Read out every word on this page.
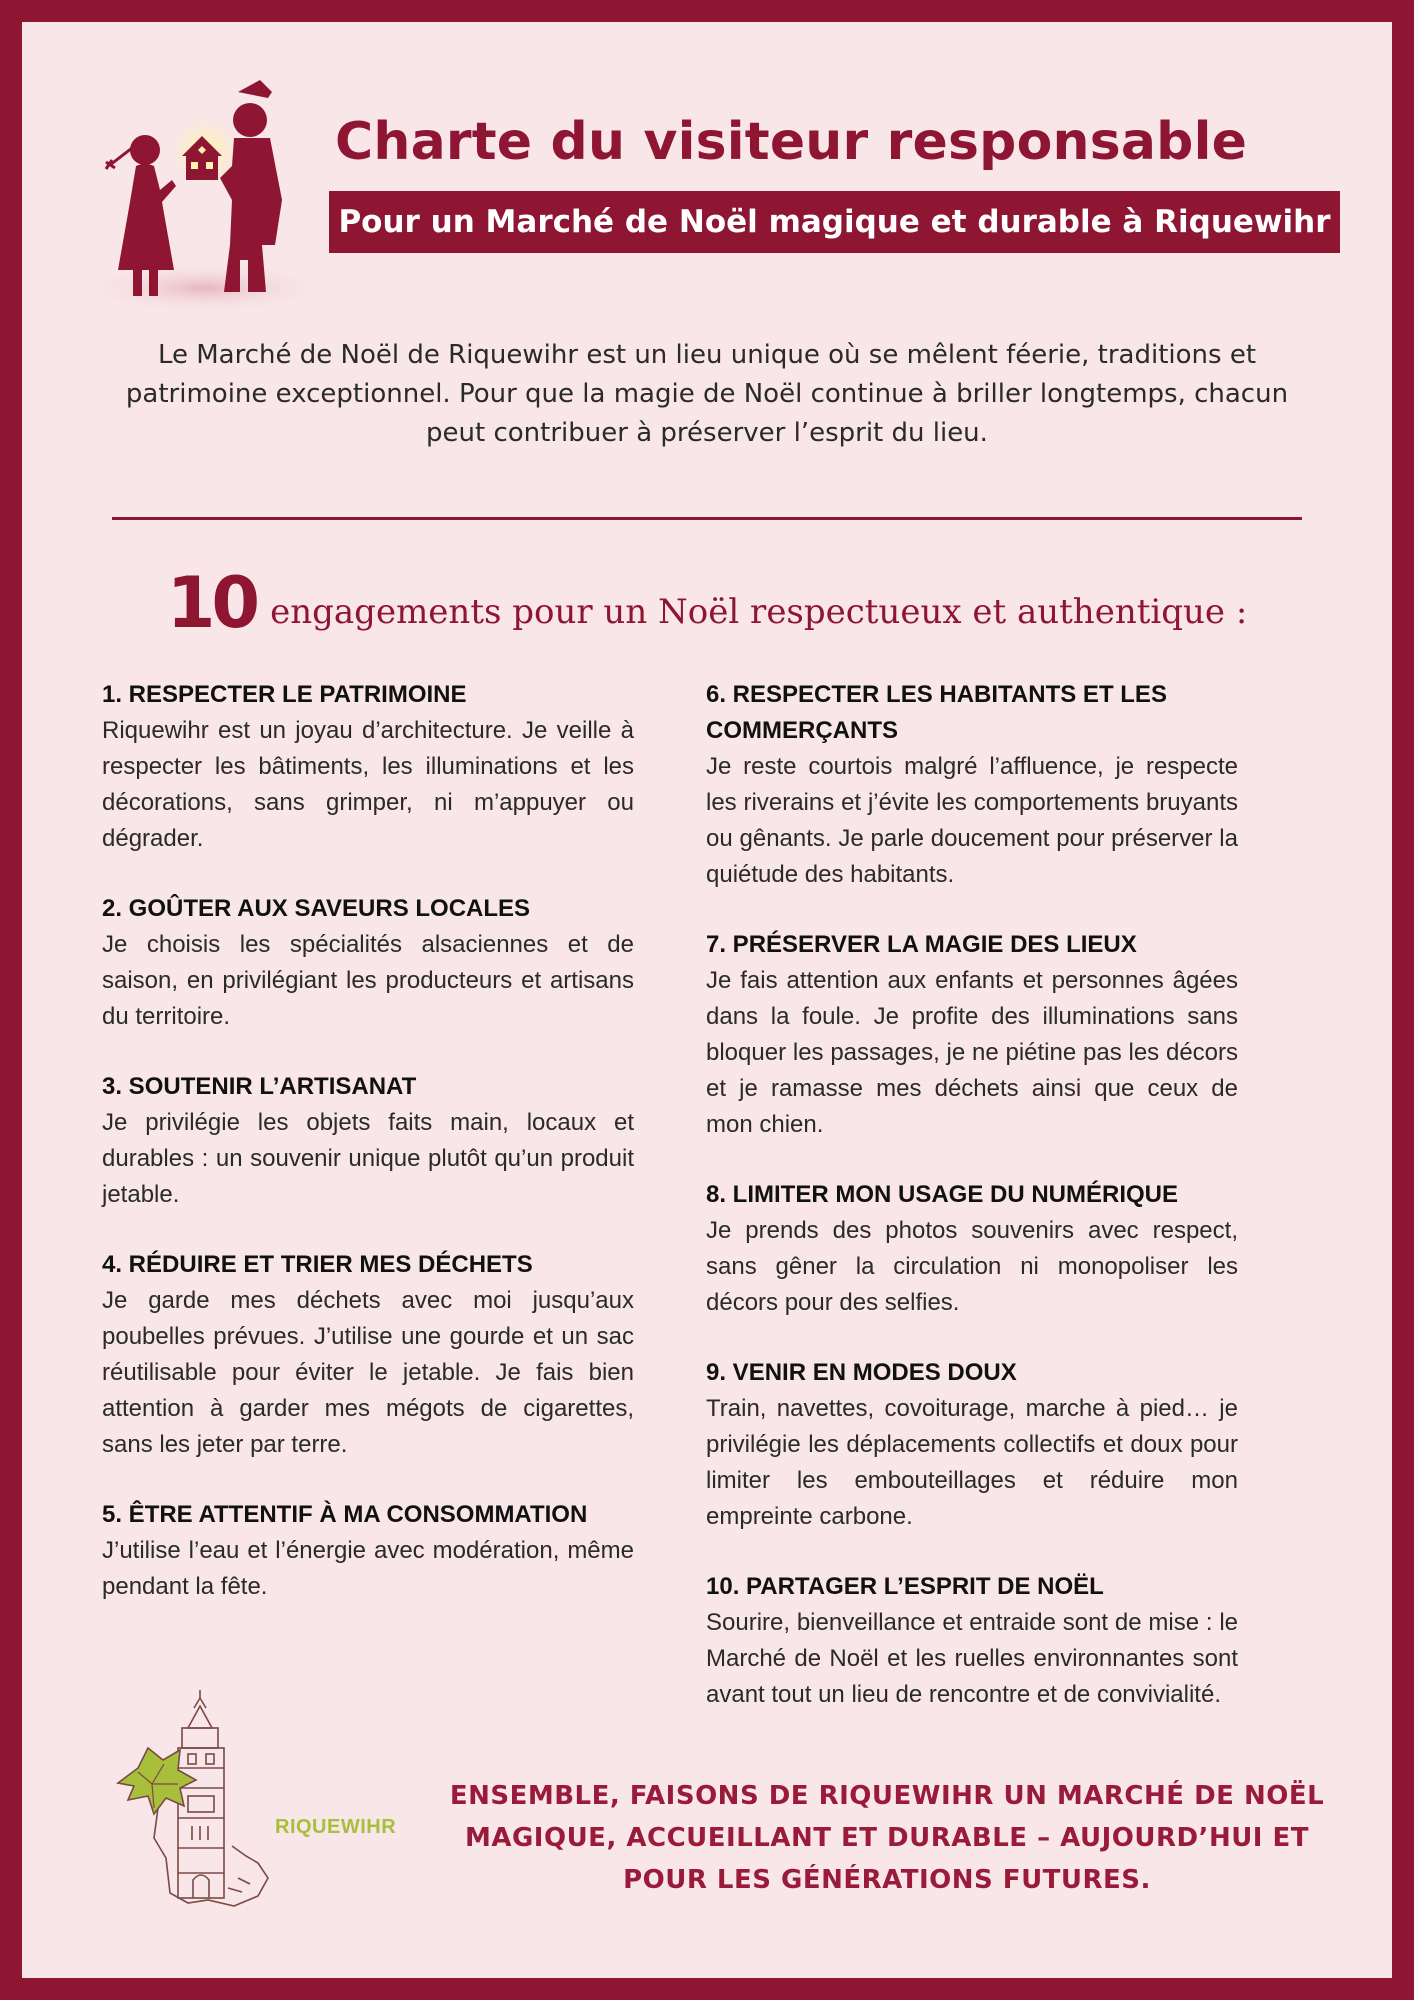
Charte du visiteur responsable
Pour un Marché de Noël magique et durable à Riquewihr

Le Marché de Noël de Riquewihr est un lieu unique où se mêlent féerie, traditions et patrimoine exceptionnel. Pour que la magie de Noël continue à briller longtemps, chacun peut contribuer à préserver l’esprit du lieu.

10 engagements pour un Noël respectueux et authentique :

1. RESPECTER LE PATRIMOINE

Riquewihr est un joyau d’architecture. Je veille à respecter les bâtiments, les illuminations et les décorations, sans grimper, ni m’appuyer ou dégrader.

2. GOÛTER AUX SAVEURS LOCALES

Je choisis les spécialités alsaciennes et de saison, en privilégiant les producteurs et artisans du territoire.

3. SOUTENIR L’ARTISANAT

Je privilégie les objets faits main, locaux et durables : un souvenir unique plutôt qu’un produit jetable.

4. RÉDUIRE ET TRIER MES DÉCHETS

Je garde mes déchets avec moi jusqu’aux poubelles prévues. J’utilise une gourde et un sac réutilisable pour éviter le jetable. Je fais bien attention à garder mes mégots de cigarettes, sans les jeter par terre.

5. ÊTRE ATTENTIF À MA CONSOMMATION

J’utilise l’eau et l’énergie avec modération, même pendant la fête.

6. RESPECTER LES HABITANTS ET LES COMMERÇANTS

Je reste courtois malgré l’affluence, je respecte les riverains et j’évite les comportements bruyants ou gênants. Je parle doucement pour préserver la quiétude des habitants.

7. PRÉSERVER LA MAGIE DES LIEUX

Je fais attention aux enfants et personnes âgées dans la foule. Je profite des illuminations sans bloquer les passages, je ne piétine pas les décors et je ramasse mes déchets ainsi que ceux de mon chien.

8. LIMITER MON USAGE DU NUMÉRIQUE

Je prends des photos souvenirs avec respect, sans gêner la circulation ni monopoliser les décors pour des selfies.

9. VENIR EN MODES DOUX

Train, navettes, covoiturage, marche à pied… je privilégie les déplacements collectifs et doux pour limiter les embouteillages et réduire mon empreinte carbone.

10. PARTAGER L’ESPRIT DE NOËL

Sourire, bienveillance et entraide sont de mise : le Marché de Noël et les ruelles environnantes sont avant tout un lieu de rencontre et de convivialité.

RIQUEWIHR

ENSEMBLE, FAISONS DE RIQUEWIHR UN MARCHÉ DE NOËL MAGIQUE, ACCUEILLANT ET DURABLE – AUJOURD’HUI ET POUR LES GÉNÉRATIONS FUTURES.
